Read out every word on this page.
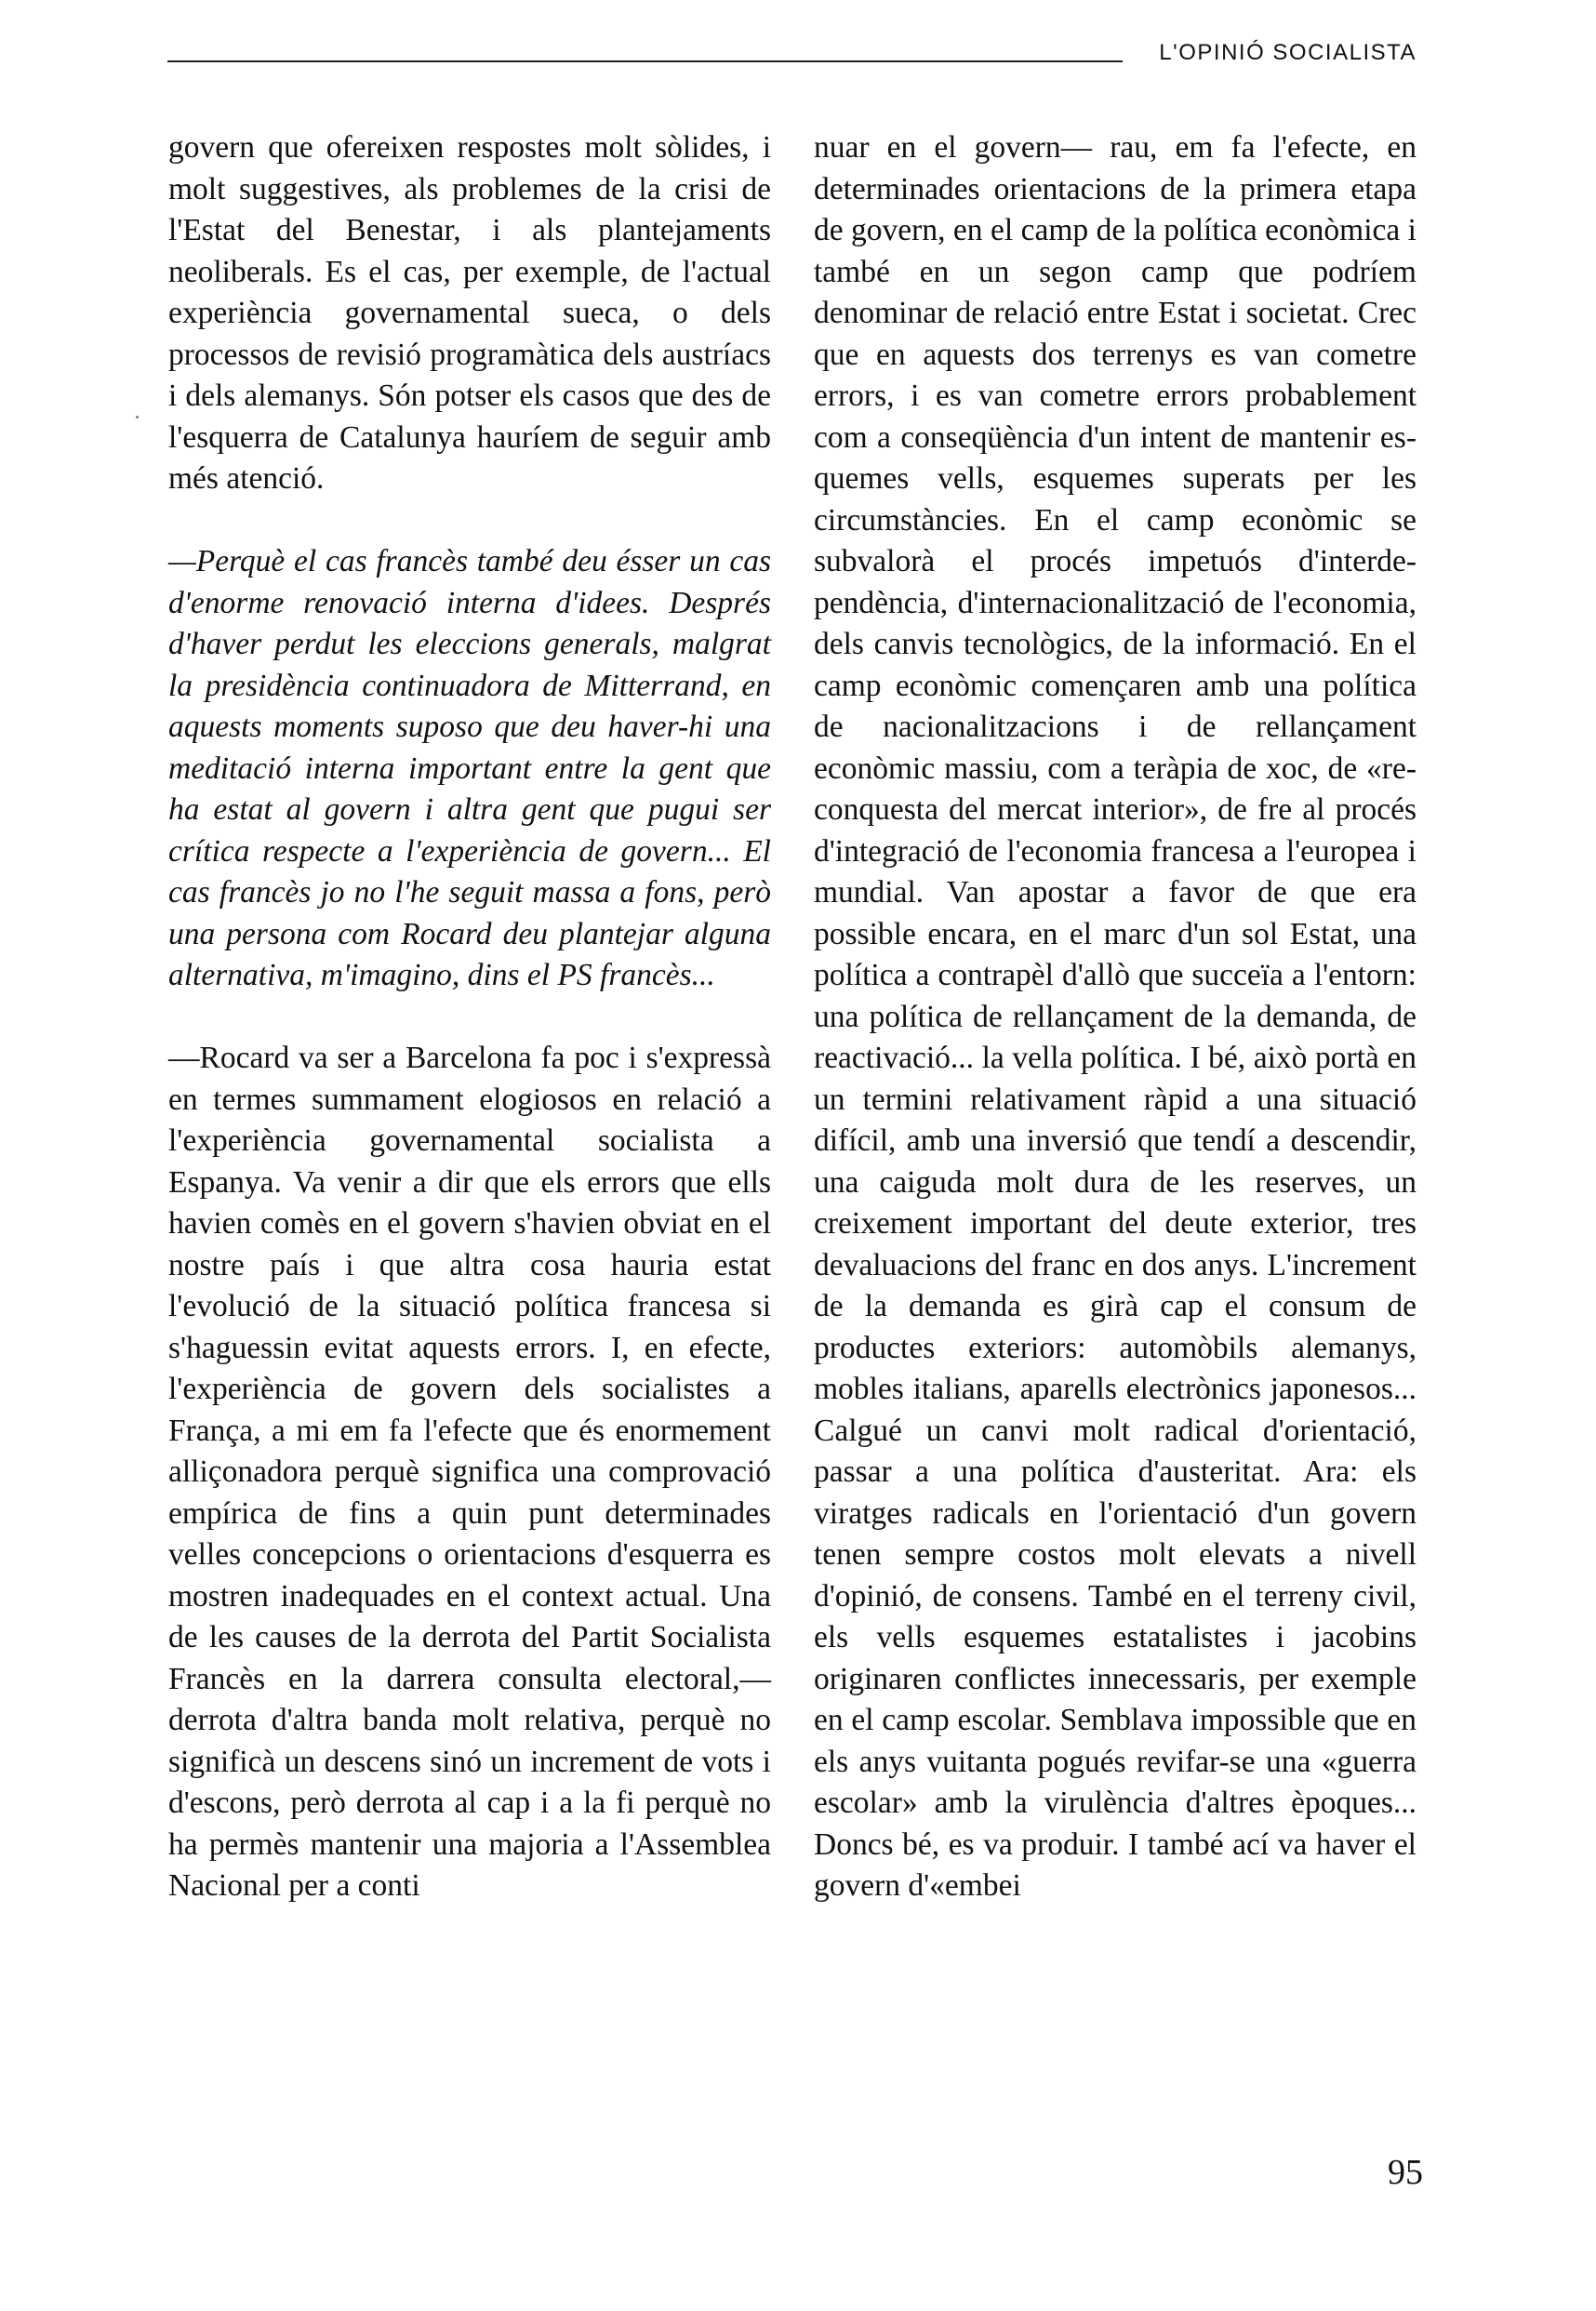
L'OPINIÓ SOCIALISTA

govern que ofereixen respostes molt sòlides, i molt suggestives, als problemes de la crisi de l'Estat del Benestar, i als plantejaments neoliberals. Es el cas, per exemple, de l'actual experiència governamental sueca, o dels processos de revisió programàtica dels austríacs i dels alemanys. Són potser els casos que des de l'esquerra de Catalunya hauríem de seguir amb més atenció.

—Perquè el cas francès també deu ésser un cas d'enorme renovació interna d'idees. Després d'haver perdut les eleccions generals, malgrat la presidència continuadora de Mitterrand, en aquests moments suposo que deu haver-hi una meditació interna important entre la gent que ha estat al govern i altra gent que pugui ser crítica respecte a l'experiència de govern... El cas francès jo no l'he seguit massa a fons, però una persona com Rocard deu plantejar alguna alternativa, m'imagino, dins el PS francès...

—Rocard va ser a Barcelona fa poc i s'expressà en termes summament elogiosos en relació a l'experiència governamental socialista a Espanya. Va venir a dir que els errors que ells havien comès en el govern s'havien obviat en el nostre país i que altra cosa hauria estat l'evolució de la situació política francesa si s'haguessin evitat aquests errors. I, en efecte, l'experiència de govern dels socialistes a França, a mi em fa l'efecte que és enormement alliçonadora perquè significa una comprovació empírica de fins a quin punt determinades velles concepcions o orientacions d'esquerra es mostren inadequades en el context actual. Una de les causes de la derrota del Partit Socialista Francès en la darrera consulta electoral,—derrota d'altra banda molt relativa, perquè no significà un descens sinó un increment de vots i d'escons, però derrota al cap i a la fi perquè no ha permès mantenir una majoria a l'Assemblea Nacional per a conti

nuar en el govern— rau, em fa l'efecte, en determinades orientacions de la primera etapa de govern, en el camp de la política econòmica i també en un segon camp que podríem denominar de relació entre Estat i societat. Crec que en aquests dos terrenys es van cometre errors, i es van cometre errors probablement com a conseqüència d'un intent de mantenir esquemes vells, esquemes superats per les circumstàncies. En el camp econòmic se subvalorà el procés impetuós d'interdependència, d'internacionalització de l'economia, dels canvis tecnològics, de la informació. En el camp econòmic començaren amb una política de nacionalitzacions i de rellançament econòmic massiu, com a teràpia de xoc, de «reconquesta del mercat interior», de fre al procés d'integració de l'economia francesa a l'europea i mundial. Van apostar a favor de que era possible encara, en el marc d'un sol Estat, una política a contrapèl d'allò que succeïa a l'entorn: una política de rellançament de la demanda, de reactivació... la vella política. I bé, això portà en un termini relativament ràpid a una situació difícil, amb una inversió que tendí a descendir, una caiguda molt dura de les reserves, un creixement important del deute exterior, tres devaluacions del franc en dos anys. L'increment de la demanda es girà cap el consum de productes exteriors: automòbils alemanys, mobles italians, aparells electrònics japonesos... Calgué un canvi molt radical d'orientació, passar a una política d'austeritat. Ara: els viratges radicals en l'orientació d'un govern tenen sempre costos molt elevats a nivell d'opinió, de consens. També en el terreny civil, els vells esquemes estatalistes i jacobins originaren conflictes innecessaris, per exemple en el camp escolar. Semblava impossible que en els anys vuitanta pogués revifar-se una «guerra escolar» amb la virulència d'altres èpoques... Doncs bé, es va produir. I també ací va haver el govern d'«embei

95
